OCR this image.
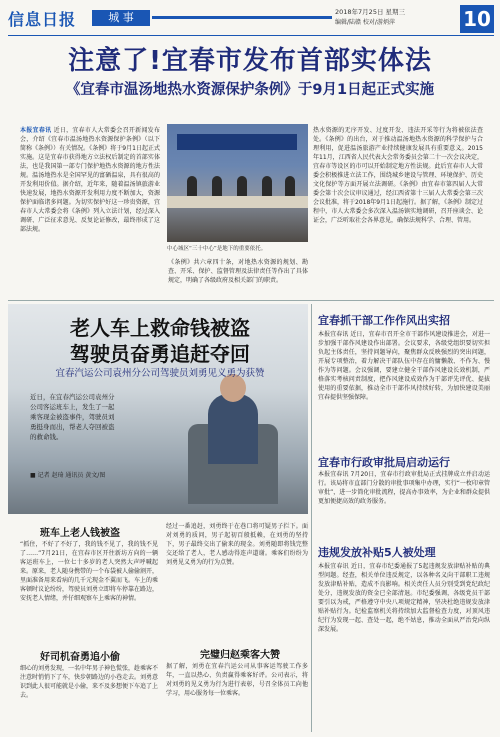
信息日报	城 事	2018年7月25日 星期三
编辑/陆赣 校对/游炳萍	10
注意了!宜春市发布首部实体法
《宜春市温汤地热水资源保护条例》于9月1日起正式实施
本报宜春讯 近日，宜春市人大常委会召开新闻发布会，介绍《宜春市温汤地热水资源保护条例》（以下简称《条例》）有关情况。《条例》将于9月1日起正式实施。这是宜春市获得地方立法权后制定的首部实体法，也是我国第一部专门保护地热水资源的地方性法规。温汤地热水是全国罕见的富硒温泉，具有很高的开发利用价值。据介绍，近年来，随着温汤镇旅游业快速发展，地热水资源开发利用力度不断加大，资源保护面临诸多问题。为切实保护好这一珍贵资源，宜春市人大常委会将《条例》列入立法计划，经过深入调研、广泛征求意见、反复论证修改，最终形成了这部法规。
中心城区“三十中心”是地下的重要依托。
《条例》共六章四十条，对地热水资源的规划、勘查、开采、保护、监督管理及法律责任等作出了具体规定，明确了各级政府及相关部门的职责。
热水资源的无序开发、过度开发、违法开采等行为将被依法查处。《条例》的出台，对于推动温汤地热水资源的科学保护与合理利用，促进温汤旅游产业持续健康发展具有重要意义。2015年11月，江西省人民代表大会常务委员会第二十一次会议决定，宜春市等设区的市可以开始制定地方性法规。此后宜春市人大常委会积极推进立法工作，围绕城乡建设与管理、环境保护、历史文化保护等方面开展立法调研。《条例》由宜春市第四届人大常委会第十次会议审议通过，经江西省第十三届人大常委会第三次会议批准，将于2018年9月1日起施行。据了解，《条例》制定过程中，市人大常委会多次深入温汤镇实地调研，召开座谈会、论证会，广泛听取社会各界意见，确保法规科学、合理、管用。
老人车上救命钱被盗
驾驶员奋勇追赶夺回
宜春汽运公司袁州分公司驾驶员刘勇见义勇为获赞
近日，在宜春汽运公司袁州分公司客运班车上，发生了一起乘客现金被盗事件，驾驶员刘勇挺身而出，帮老人夺回被盗的救命钱。
■ 记者 赵琦 通讯员 黄文/图
班车上老人钱被盗
“抓住，不好了不好了，我的钱不见了，我的钱不见了……”7月21日，在宜春市区开往新坊方向的一辆客运班车上，一位七十多岁的老人突然大声呼喊起来。原来，老人随身携带的一个布袋被人偷偷割开，里面准备用来看病的几千元现金不翼而飞。车上的乘客顿时议论纷纷，驾驶员刘勇立即将车停靠在路边，安抚老人情绪，并仔细观察车上乘客的神情。
好司机奋勇追小偷
细心的刘勇发现，一名中年男子神色慌张，趁乘客不注意时悄悄下了车，快步朝路边的小巷走去。刘勇意识到此人很可能就是小偷，来不及多想便下车追了上去。
经过一番追赶，刘勇终于在巷口将可疑男子拦下。面对刘勇的质问，男子起初百般抵赖，在刘勇的坚持下，男子最终交出了偷来的现金。刘勇随即将钱完整交还给了老人，老人感动得连声道谢。乘客们纷纷为刘勇见义勇为的行为点赞。
完璧归赵乘客大赞
据了解，刘勇在宜春汽运公司从事客运驾驶工作多年，一直以热心、负责赢得乘客好评。公司表示，将对刘勇的见义勇为行为进行表彰，号召全体员工向他学习，用心服务每一位乘客。
宜春抓干部工作作风出实招
本报宜春讯 近日，宜春市召开全市干部作风建设推进会，对进一步加强干部作风建设作出部署。会议要求，各级党组织要切实担负起主体责任，坚持问题导向，聚焦群众反映强烈的突出问题，开展专项整治，着力解决干部队伍中存在的慵懒散、不作为、慢作为等问题。会议强调，要建立健全干部作风建设长效机制，严格落实考核问责制度，把作风建设成效作为干部评先评优、提拔使用的重要依据，推动全市干部作风持续好转，为加快建设美丽宜春提供坚强保障。
宜春市行政审批局启动运行
本报宜春讯 7月20日，宜春市行政审批局正式挂牌成立并启动运行。该局将市直部门分散的审批事项集中办理，实行“一枚印章管审批”，进一步简化审批流程，提高办事效率，为企业和群众提供更加便捷高效的政务服务。
违规发放补贴5人被处理
本报宜春讯 近日，宜春市纪委通报了5起违规发放津贴补贴的典型问题。经查，相关单位违反规定，以各种名义向干部职工违规发放津贴补贴，造成不良影响。相关责任人员分别受到党纪政纪处分，违规发放的资金已全部清退。市纪委强调，各级党员干部要引以为戒，严格遵守中央八项规定精神，坚决杜绝违规发放津贴补贴行为。纪检监察机关将持续加大监督检查力度，对顶风违纪行为发现一起、查处一起，绝不姑息，推动全面从严治党向纵深发展。
